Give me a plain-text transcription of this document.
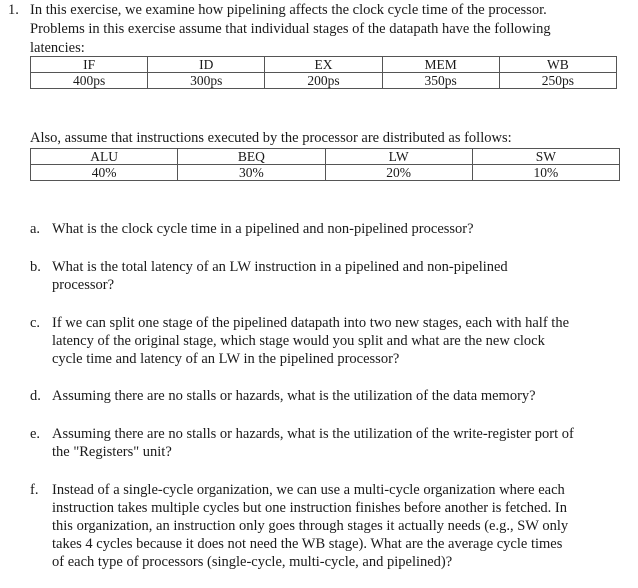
1. In this exercise, we examine how pipelining affects the clock cycle time of the processor.
Problems in this exercise assume that individual stages of the datapath have the following
latencies:
IF	ID	EX	MEM	WB
400ps	300ps	200ps	350ps	250ps
Also, assume that instructions executed by the processor are distributed as follows:
ALU	BEQ	LW	SW
40%	30%	20%	10%
a. What is the clock cycle time in a pipelined and non-pipelined processor?
b. What is the total latency of an LW instruction in a pipelined and non-pipelined
processor?
c. If we can split one stage of the pipelined datapath into two new stages, each with half the
latency of the original stage, which stage would you split and what are the new clock
cycle time and latency of an LW in the pipelined processor?
d. Assuming there are no stalls or hazards, what is the utilization of the data memory?
e. Assuming there are no stalls or hazards, what is the utilization of the write-register port of
the "Registers" unit?
f. Instead of a single-cycle organization, we can use a multi-cycle organization where each
instruction takes multiple cycles but one instruction finishes before another is fetched. In
this organization, an instruction only goes through stages it actually needs (e.g., SW only
takes 4 cycles because it does not need the WB stage). What are the average cycle times
of each type of processors (single-cycle, multi-cycle, and pipelined)?
